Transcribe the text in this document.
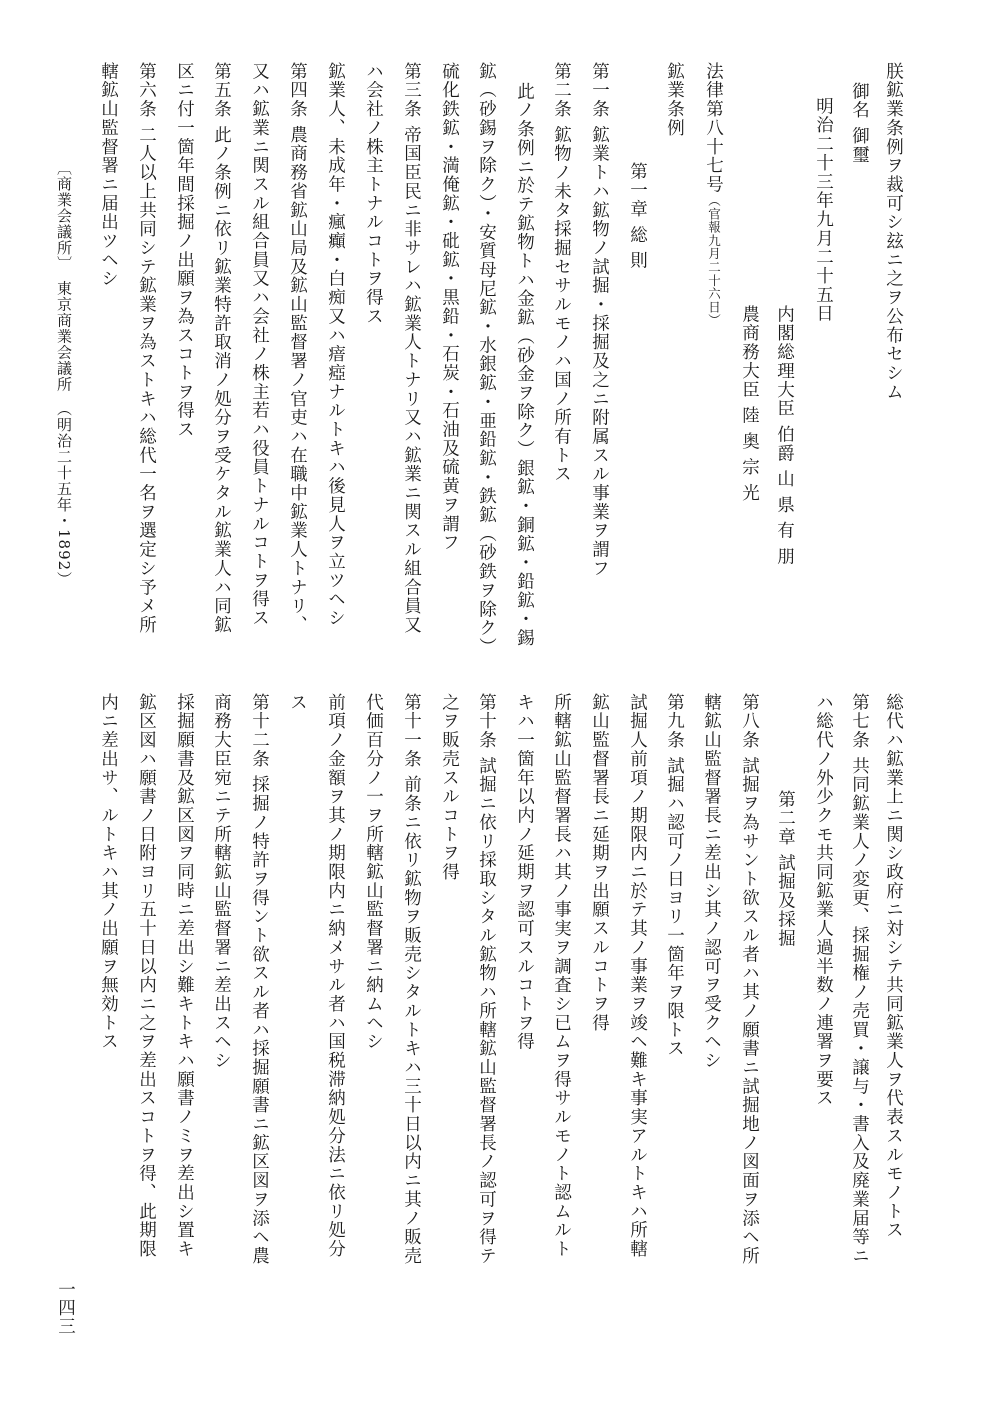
朕鉱業条例ヲ裁可シ玆ニ之ヲ公布セシム
御名 御璽
明治二十三年九月二十五日
内閣総理大臣 伯爵 山 県 有 朋
農商務大臣 陸 奥 宗 光
法律第八十七号（官報九月二十六日）
鉱業条例
第一章 総 則
第一条 鉱業トハ鉱物ノ試掘・採掘及之ニ附属スル事業ヲ謂フ
第二条 鉱物ノ未タ採掘セサルモノハ国ノ所有トス
此ノ条例ニ於テ鉱物トハ金鉱（砂金ヲ除ク）銀鉱・銅鉱・鉛鉱・錫
鉱（砂錫ヲ除ク）・安質母尼鉱・水銀鉱・亜鉛鉱・鉄鉱（砂鉄ヲ除ク）
硫化鉄鉱・満俺鉱・砒鉱・黒鉛・石炭・石油及硫黄ヲ謂フ
第三条 帝国臣民ニ非サレハ鉱業人トナリ又ハ鉱業ニ関スル組合員又
ハ会社ノ株主トナルコトヲ得ス
鉱業人、未成年・瘋癲・白痴又ハ瘖瘂ナルトキハ後見人ヲ立ツヘシ
第四条 農商務省鉱山局及鉱山監督署ノ官吏ハ在職中鉱業人トナリ、
又ハ鉱業ニ関スル組合員又ハ会社ノ株主若ハ役員トナルコトヲ得ス
第五条 此ノ条例ニ依リ鉱業特許取消ノ処分ヲ受ケタル鉱業人ハ同鉱
区ニ付一箇年間採掘ノ出願ヲ為スコトヲ得ス
第六条 二人以上共同シテ鉱業ヲ為ストキハ総代一名ヲ選定シ予メ所
轄鉱山監督署ニ届出ツヘシ
〔商業会議所〕　東京商業会議所　（明治二十五年・1892）
総代ハ鉱業上ニ関シ政府ニ対シテ共同鉱業人ヲ代表スルモノトス
第七条 共同鉱業人ノ変更、採掘権ノ売買・譲与・書入及廃業届等ニ
ハ総代ノ外少クモ共同鉱業人過半数ノ連署ヲ要ス
第二章 試掘及採掘
第八条 試掘ヲ為サント欲スル者ハ其ノ願書ニ試掘地ノ図面ヲ添ヘ所
轄鉱山監督署長ニ差出シ其ノ認可ヲ受クヘシ
第九条 試掘ハ認可ノ日ヨリ一箇年ヲ限トス
試掘人前項ノ期限内ニ於テ其ノ事業ヲ竣ヘ難キ事実アルトキハ所轄
鉱山監督署長ニ延期ヲ出願スルコトヲ得
所轄鉱山監督署長ハ其ノ事実ヲ調査シ已ムヲ得サルモノト認ムルト
キハ一箇年以内ノ延期ヲ認可スルコトヲ得
第十条 試掘ニ依リ採取シタル鉱物ハ所轄鉱山監督署長ノ認可ヲ得テ
之ヲ販売スルコトヲ得
第十一条 前条ニ依リ鉱物ヲ販売シタルトキハ三十日以内ニ其ノ販売
代価百分ノ一ヲ所轄鉱山監督署ニ納ムヘシ
前項ノ金額ヲ其ノ期限内ニ納メサル者ハ国税滞納処分法ニ依リ処分
ス
第十二条 採掘ノ特許ヲ得ント欲スル者ハ採掘願書ニ鉱区図ヲ添ヘ農
商務大臣宛ニテ所轄鉱山監督署ニ差出スヘシ
採掘願書及鉱区図ヲ同時ニ差出シ難キトキハ願書ノミヲ差出シ置キ
鉱区図ハ願書ノ日附ヨリ五十日以内ニ之ヲ差出スコトヲ得、此期限
内ニ差出サ、ルトキハ其ノ出願ヲ無効トス
一四三
